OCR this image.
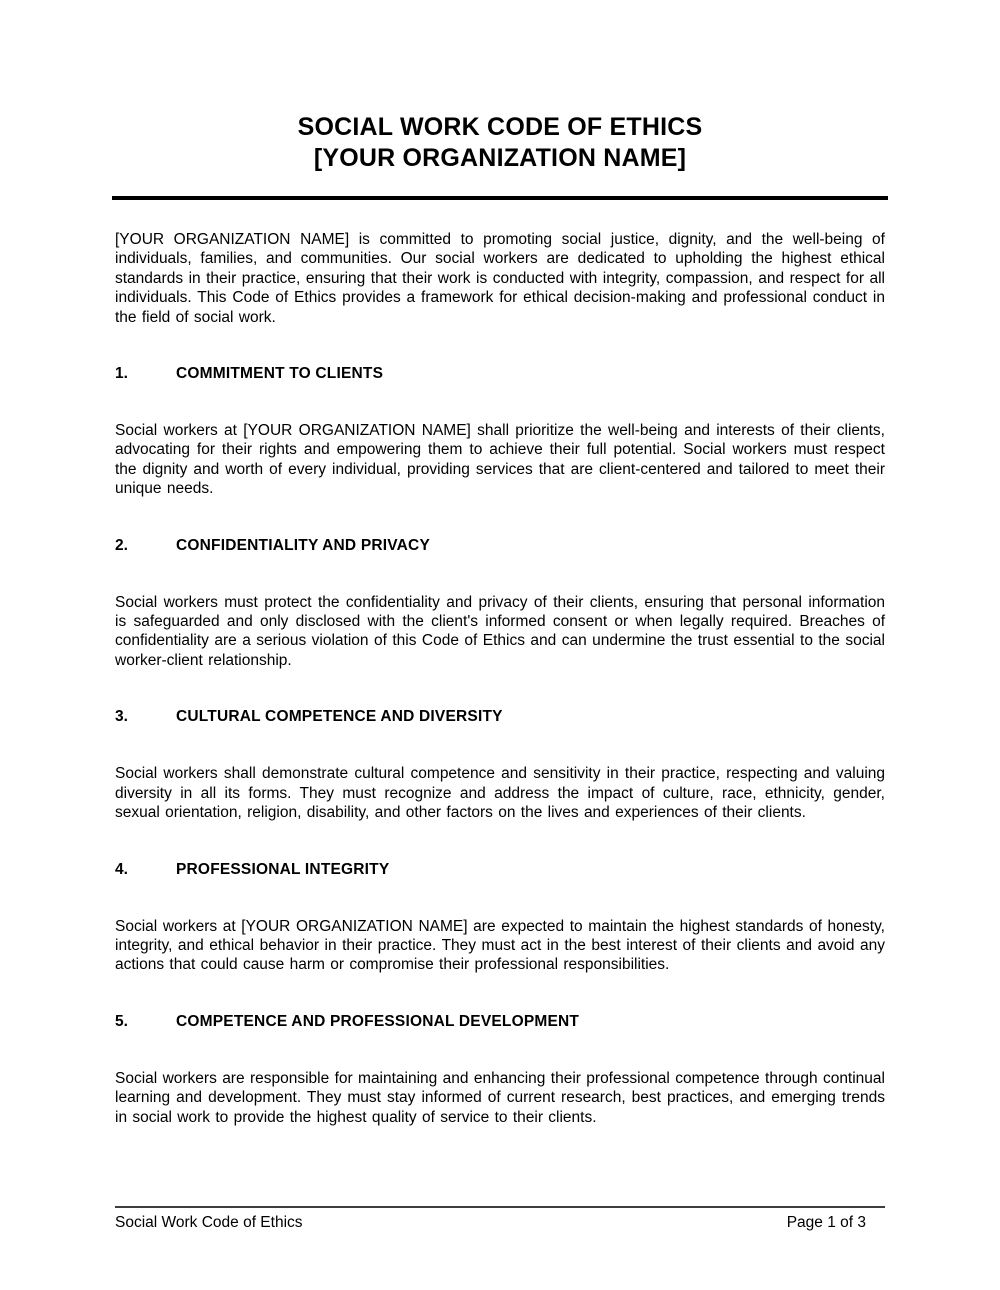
SOCIAL WORK CODE OF ETHICS
[YOUR ORGANIZATION NAME]

[YOUR ORGANIZATION NAME] is committed to promoting social justice, dignity, and the well-being of individuals, families, and communities. Our social workers are dedicated to upholding the highest ethical standards in their practice, ensuring that their work is conducted with integrity, compassion, and respect for all individuals. This Code of Ethics provides a framework for ethical decision-making and professional conduct in the field of social work.

1.	COMMITMENT TO CLIENTS

Social workers at [YOUR ORGANIZATION NAME] shall prioritize the well-being and interests of their clients, advocating for their rights and empowering them to achieve their full potential. Social workers must respect the dignity and worth of every individual, providing services that are client-centered and tailored to meet their unique needs.

2.	CONFIDENTIALITY AND PRIVACY

Social workers must protect the confidentiality and privacy of their clients, ensuring that personal information is safeguarded and only disclosed with the client's informed consent or when legally required. Breaches of confidentiality are a serious violation of this Code of Ethics and can undermine the trust essential to the social worker-client relationship.

3.	CULTURAL COMPETENCE AND DIVERSITY

Social workers shall demonstrate cultural competence and sensitivity in their practice, respecting and valuing diversity in all its forms. They must recognize and address the impact of culture, race, ethnicity, gender, sexual orientation, religion, disability, and other factors on the lives and experiences of their clients.

4.	PROFESSIONAL INTEGRITY

Social workers at [YOUR ORGANIZATION NAME] are expected to maintain the highest standards of honesty, integrity, and ethical behavior in their practice. They must act in the best interest of their clients and avoid any actions that could cause harm or compromise their professional responsibilities.

5.	COMPETENCE AND PROFESSIONAL DEVELOPMENT

Social workers are responsible for maintaining and enhancing their professional competence through continual learning and development. They must stay informed of current research, best practices, and emerging trends in social work to provide the highest quality of service to their clients.

Social Work Code of Ethics	Page 1 of 3
